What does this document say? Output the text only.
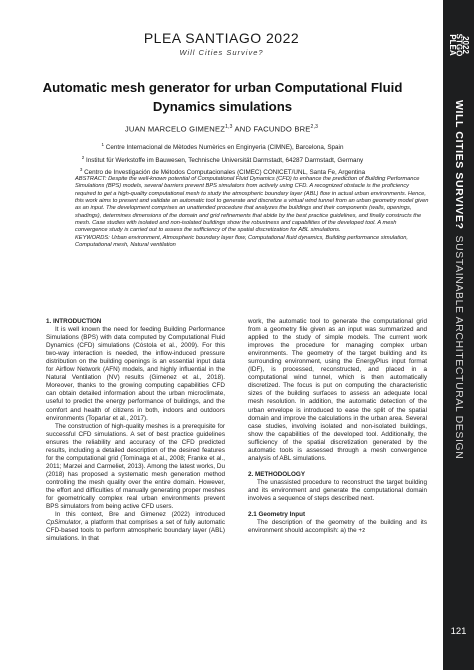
PLEA SANTIAGO 2022
Will Cities Survive?
Automatic mesh generator for urban Computational Fluid Dynamics simulations
JUAN MARCELO GIMENEZ$^{1,3}$ AND FACUNDO BRE$^{2,3}$
$^1$ Centre Internacional de Mètodes Numèrics en Enginyeria (CIMNE), Barcelona, Spain
$^2$ Institut für Werkstoffe im Bauwesen, Technische Universität Darmstadt, 64287 Darmstadt, Germany
$^3$ Centro de Investigación de Métodos Computacionales (CIMEC) CONICET/UNL, Santa Fe, Argentina

ABSTRACT: Despite the well-known potential of Computational Fluid Dynamics (CFD) to enhance the prediction of Building Performance Simulations (BPS) models, several barriers prevent BPS simulators from actively using CFD. A recognized obstacle is the proficiency required to get a high-quality computational mesh to study the atmospheric boundary layer (ABL) flow in actual urban environments. Hence, this work aims to present and validate an automatic tool to generate and discretize a virtual wind tunnel from an urban geometry model given as an input. The development comprises an unattended procedure that analyzes the buildings and their components (walls, openings, shadings), determines dimensions of the domain and grid refinements that abide by the best practice guidelines, and finally constructs the mesh. Case studies with isolated and non-isolated buildings show the robustness and capabilities of the developed tool. A mesh convergence study is carried out to assess the sufficiency of the spatial discretization for ABL simulations.

KEYWORDS: Urban environment, Atmospheric boundary layer flow, Computational fluid dynamics, Building performance simulation, Computational mesh, Natural ventilation

1. INTRODUCTION

It is well known the need for feeding Building Performance Simulations (BPS) with data computed by Computational Fluid Dynamics (CFD) simulations (Cóstola et al., 2009). For this two-way interaction is needed, the inflow-induced pressure distribution on the building openings is an essential input data for Airflow Network (AFN) models, and highly influential in the Natural Ventilation (NV) results (Gimenez et al., 2018). Moreover, thanks to the growing computing capabilities CFD can obtain detailed information about the urban microclimate, useful to predict the energy performance of buildings, and the comfort and health of citizens in both, indoors and outdoors environments (Toparlar et al., 2017).

The construction of high-quality meshes is a prerequisite for successful CFD simulations. A set of best practice guidelines ensures the reliability and accuracy of the CFD predicted results, including a detailed description of the desired features for the computational grid (Tominaga et al., 2008; Franke et al., 2011; Marzei and Carmeliet, 2013). Among the latest works, Du (2018) has proposed a systematic mesh generation method controlling the mesh quality over the entire domain. However, the effort and difficulties of manually generating proper meshes for geometrically complex real urban environments prevent BPS simulators from being active CFD users.

In this context, Bre and Gimenez (2022) introduced CpSimulator, a platform that comprises a set of fully automatic CFD-based tools to perform atmospheric boundary layer (ABL) simulations. In that

work, the automatic tool to generate the computational grid from a geometry file given as an input was summarized and applied to the study of simple models. The current work improves the procedure for managing complex urban environments. The geometry of the target building and its surrounding environment, using the EnergyPlus input format (IDF), is processed, reconstructed, and placed in a computational wind tunnel, which is then automatically discretized. The focus is put on computing the characteristic sizes of the building surfaces to assess an adequate local mesh resolution. In addition, the automatic detection of the urban envelope is introduced to ease the split of the spatial domain and improve the calculations in the urban area. Several case studies, involving isolated and non-isolated buildings, show the capabilities of the developed tool. Additionally, the sufficiency of the spatial discretization generated by the automatic tools is assessed through a mesh convergence analysis of ABL simulations.

2. METHODOLOGY

The unassisted procedure to reconstruct the target building and its environment and generate the computational domain involves a sequence of steps described next.

2.1 Geometry Input

The description of the geometry of the building and its environment should accomplish: a) the +z

PLEA
STGO
2022
WILL CITIES SURVIVE?
SUSTAINABLE ARCHITECTURAL DESIGN
121
